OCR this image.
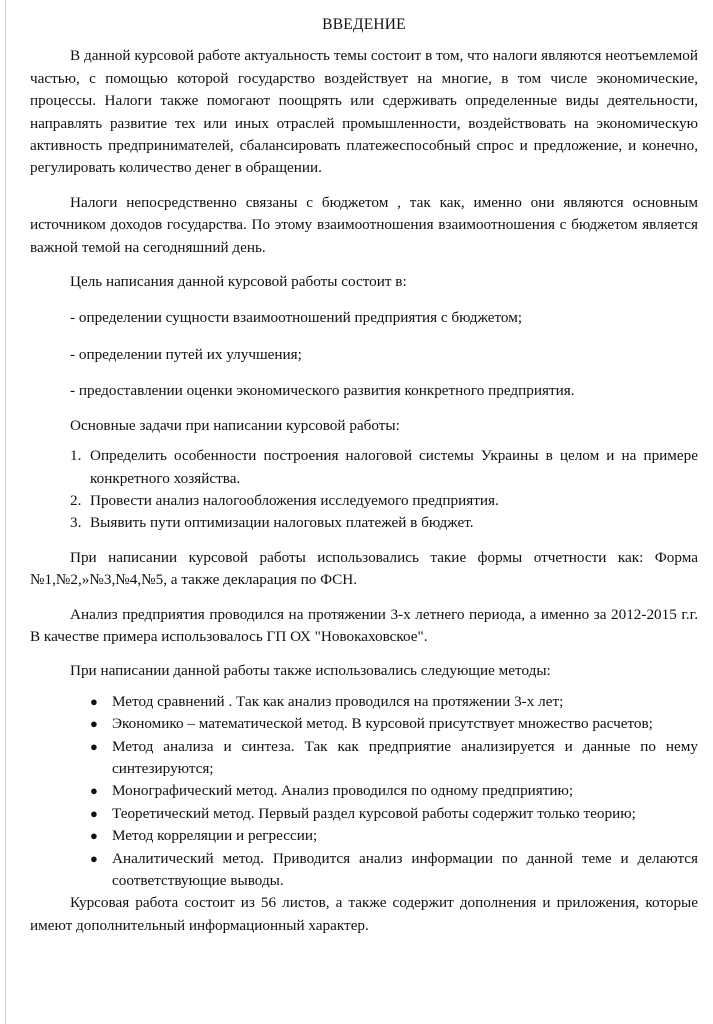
ВВЕДЕНИЕ

В данной курсовой работе актуальность темы состоит в том, что налоги являются неотъемлемой частью, с помощью которой государство воздействует на многие, в том числе экономические, процессы. Налоги также помогают поощрять или сдерживать определенные виды деятельности, направлять развитие тех или иных отраслей промышленности, воздействовать на экономическую активность предпринимателей, сбалансировать платежеспособный спрос и предложение, и конечно, регулировать количество денег в обращении.

Налоги непосредственно связаны с бюджетом , так как, именно они являются основным источником доходов государства. По этому взаимоотношения взаимоотношения с бюджетом является важной темой на сегодняшний день.

Цель написания данной курсовой работы состоит в:

- определении сущности взаимоотношений предприятия с бюджетом;

- определении путей их улучшения;

- предоставлении оценки экономического развития конкретного предприятия.

Основные задачи при написании курсовой работы:

1. Определить особенности построения налоговой системы Украины в целом и на примере конкретного хозяйства.
2. Провести анализ налогообложения исследуемого предприятия.
3. Выявить пути оптимизации налоговых платежей в бюджет.

При написании курсовой работы использовались такие формы отчетности как: Форма №1,№2,»№3,№4,№5, а также декларация по ФСН.

Анализ предприятия проводился на протяжении 3-х летнего периода, а именно за 2012-2015 г.г. В качестве примера использовалось ГП ОХ "Новокаховское".

При написании данной работы также использовались следующие методы:

● Метод сравнений . Так как анализ проводился на протяжении 3-х лет;
● Экономико – математической метод. В курсовой присутствует множество расчетов;
● Метод анализа и синтеза. Так как предприятие анализируется и данные по нему синтезируются;
● Монографический метод. Анализ проводился по одному предприятию;
● Теоретический метод. Первый раздел курсовой работы содержит только теорию;
● Метод корреляции и регрессии;
● Аналитический метод. Приводится анализ информации по данной теме и делаются соответствующие выводы.

Курсовая работа состоит из 56 листов, а также содержит дополнения и приложения, которые имеют дополнительный информационный характер.
